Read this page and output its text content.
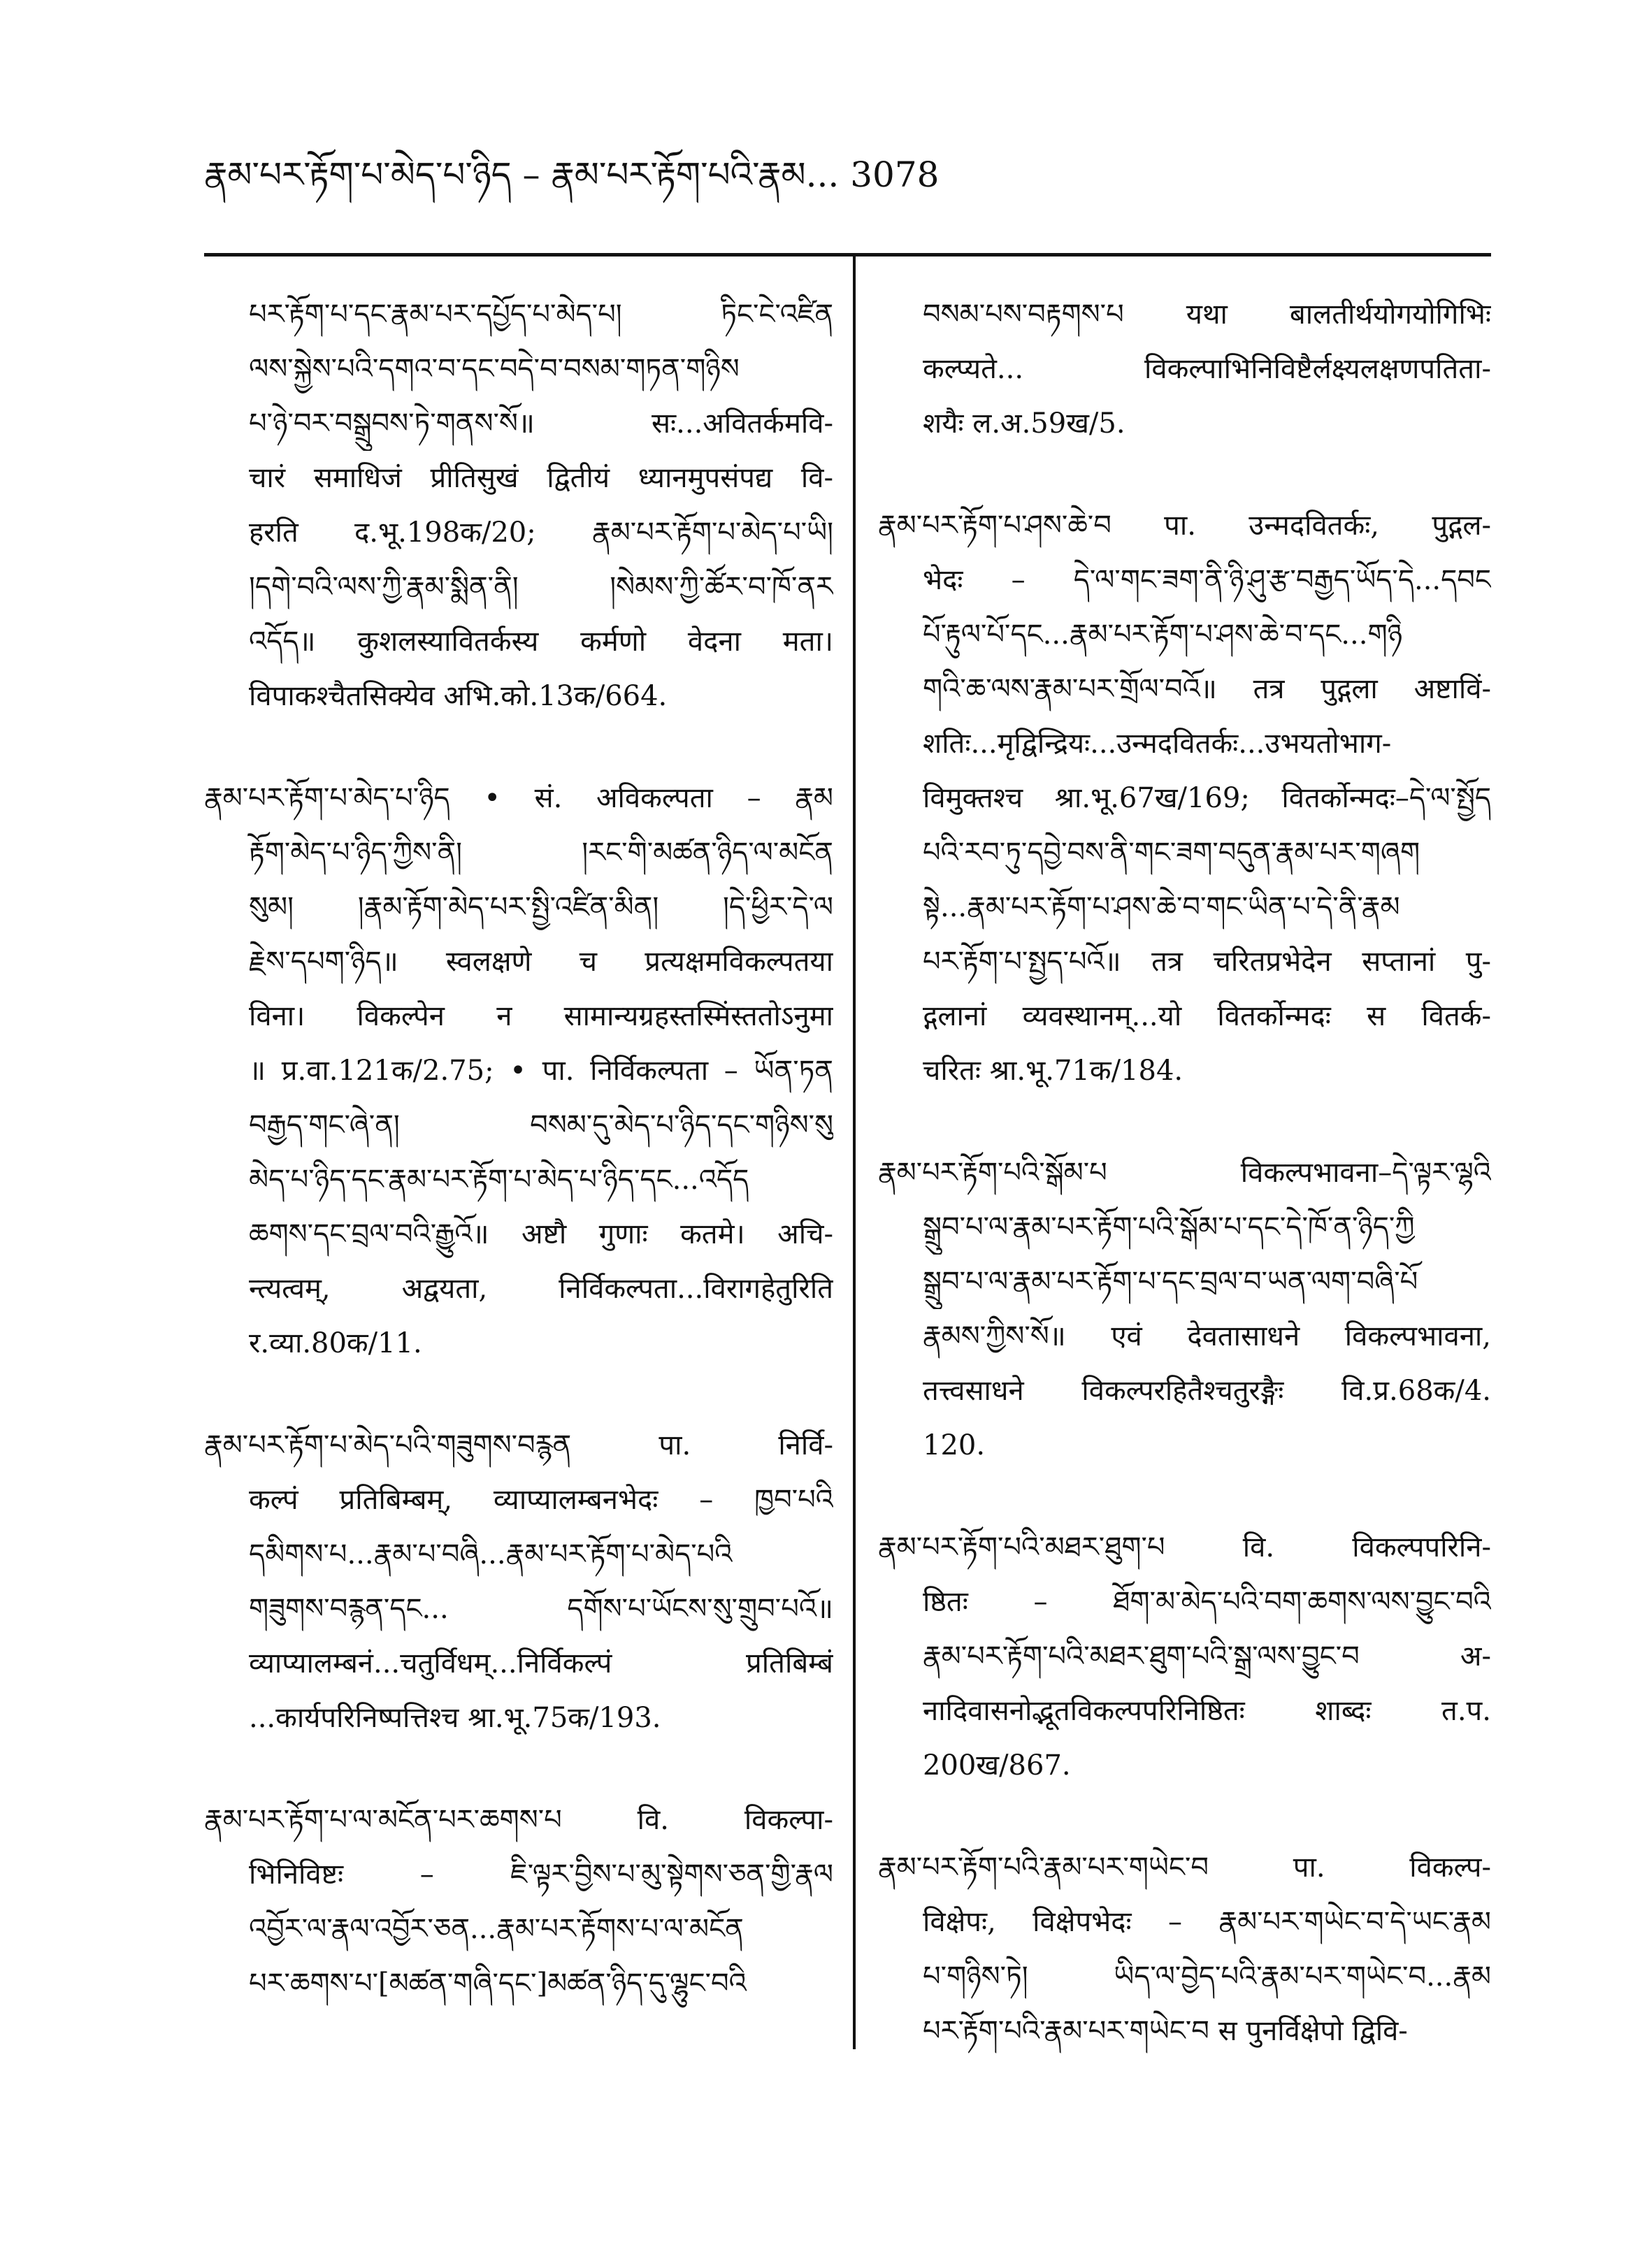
རྣམ་པར་རྟོག་པ་མེད་པ་ཉིད – རྣམ་པར་རྟོག་པའི་རྣམ... 3078
པར་རྟོག་པ་དང་རྣམ་པར་དཔྱོད་པ་མེད་པ། ཏིང་ངེ་འཛིན
ལས་སྐྱེས་པའི་དགའ་བ་དང་བདེ་བ་བསམ་གཏན་གཉིས
པ་ཉེ་བར་བསྒྲུབས་ཏེ་གནས་སོ॥ सः...अवितर्कमवि-
चारं समाधिजं प्रीतिसुखं द्वितीयं ध्यानमुपसंपद्य वि-
हरति द.भू.198क/20; རྣམ་པར་རྟོག་པ་མེད་པ་ཡི།
།དགེ་བའི་ལས་ཀྱི་རྣམ་སྨིན་ནི། །སེམས་ཀྱི་ཚོར་བ་ཁོ་ནར
འདོད॥ कुशलस्यावितर्कस्य कर्मणो वेदना मता।
विपाकश्चैतसिक्येव अभि.को.13क/664.
རྣམ་པར་རྟོག་པ་མེད་པ་ཉིད • सं. अविकल्पता – རྣམ
རྟོག་མེད་པ་ཉིད་ཀྱིས་ནི། །རང་གི་མཚན་ཉིད་ལ་མངོན
སུམ། །རྣམ་རྟོག་མེད་པར་སྤྱི་འཛིན་མིན། །དེ་ཕྱིར་དེ་ལ
རྗེས་དཔག་ཉིད॥ स्वलक्षणे च प्रत्यक्षमविकल्पतया
विना। विकल्पेन न सामान्यग्रहस्तस्मिंस्ततोऽनुमा
॥ प्र.वा.121क/2.75; • पा. निर्विकल्पता – ཡོན་ཏན
བརྒྱད་གང་ཞེ་ན། བསམ་དུ་མེད་པ་ཉིད་དང་གཉིས་སུ
མེད་པ་ཉིད་དང་རྣམ་པར་རྟོག་པ་མེད་པ་ཉིད་དང...འདོད
ཆགས་དང་བྲལ་བའི་རྒྱུའོ॥ अष्टौ गुणाः कतमे। अचि-
न्त्यत्वम्, अद्वयता, निर्विकल्पता...विरागहेतुरिति
र.व्या.80क/11.
རྣམ་པར་རྟོག་པ་མེད་པའི་གཟུགས་བརྙན पा. निर्वि-
कल्पं प्रतिबिम्बम्, व्याप्यालम्बनभेदः – ཁྱབ་པའི
དམིགས་པ...རྣམ་པ་བཞི...རྣམ་པར་རྟོག་པ་མེད་པའི
གཟུགས་བརྙན་དང... དགོས་པ་ཡོངས་སུ་གྲུབ་པའོ॥
व्याप्यालम्बनं...चतुर्विधम्...निर्विकल्पं प्रतिबिम्बं
...कार्यपरिनिष्पत्तिश्च श्रा.भू.75क/193.
རྣམ་པར་རྟོག་པ་ལ་མངོན་པར་ཆགས་པ वि. विकल्पा-
भिनिविष्टः – ཇི་ལྟར་བྱིས་པ་མུ་སྟེགས་ཅན་གྱི་རྣལ
འབྱོར་ལ་རྣལ་འབྱོར་ཅན...རྣམ་པར་རྟོགས་པ་ལ་མངོན
པར་ཆགས་པ་[མཚན་གཞི་དང་]མཚན་ཉིད་དུ་ལྷུང་བའི
བསམ་པས་བརྟགས་པ यथा बालतीर्थयोगयोगिभिः
कल्प्यते... विकल्पाभिनिविष्टैर्लक्ष्यलक्षणपतिता-
शयैः ल.अ.59ख/5.
རྣམ་པར་རྟོག་པ་ཤས་ཆེ་བ पा. उन्मदवितर्कः, पुद्गल-
भेदः – དེ་ལ་གང་ཟག་ནི་ཉི་ཤུ་རྩ་བརྒྱད་ཡོད་དེ...དབང
པོ་རྟུལ་པོ་དང...རྣམ་པར་རྟོག་པ་ཤས་ཆེ་བ་དང...གཉི
གའི་ཆ་ལས་རྣམ་པར་གྲོལ་བའོ॥ तत्र पुद्गला अष्टाविं-
शतिः...मृद्विन्द्रियः...उन्मदवितर्कः...उभयतोभाग-
विमुक्तश्च श्रा.भू.67ख/169; वितर्कोन्मदः–དེ་ལ་སྤྱོད
པའི་རབ་ཏུ་དབྱེ་བས་ནི་གང་ཟག་བདུན་རྣམ་པར་གཞག
སྟེ...རྣམ་པར་རྟོག་པ་ཤས་ཆེ་བ་གང་ཡིན་པ་དེ་ནི་རྣམ
པར་རྟོག་པ་སྤྱད་པའོ॥ तत्र चरितप्रभेदेन सप्तानां पु-
द्गलानां व्यवस्थानम्...यो वितर्कोन्मदः स वितर्क-
चरितः श्रा.भू.71क/184.
རྣམ་པར་རྟོག་པའི་སྒོམ་པ विकल्पभावना–དེ་ལྟར་ལྷའི
སྒྲུབ་པ་ལ་རྣམ་པར་རྟོག་པའི་སྒོམ་པ་དང་དེ་ཁོ་ན་ཉིད་ཀྱི
སྒྲུབ་པ་ལ་རྣམ་པར་རྟོག་པ་དང་བྲལ་བ་ཡན་ལག་བཞི་པོ
རྣམས་ཀྱིས་སོ॥ एवं देवतासाधने विकल्पभावना,
तत्त्वसाधने विकल्परहितैश्चतुरङ्गैः वि.प्र.68क/4.
120.
རྣམ་པར་རྟོག་པའི་མཐར་ཐུག་པ वि. विकल्पपरिनि-
ष्ठितः – ཐོག་མ་མེད་པའི་བག་ཆགས་ལས་བྱུང་བའི
རྣམ་པར་རྟོག་པའི་མཐར་ཐུག་པའི་སྒྲ་ལས་བྱུང་བ अ-
नादिवासनोद्भूतविकल्पपरिनिष्ठितः शाब्दः त.प.
200ख/867.
རྣམ་པར་རྟོག་པའི་རྣམ་པར་གཡེང་བ पा. विकल्प-
विक्षेपः, विक्षेपभेदः – རྣམ་པར་གཡེང་བ་དེ་ཡང་རྣམ
པ་གཉིས་ཏེ། ཡིད་ལ་བྱེད་པའི་རྣམ་པར་གཡེང་བ...རྣམ
པར་རྟོག་པའི་རྣམ་པར་གཡེང་བ स पुनर्विक्षेपो द्विवि-
